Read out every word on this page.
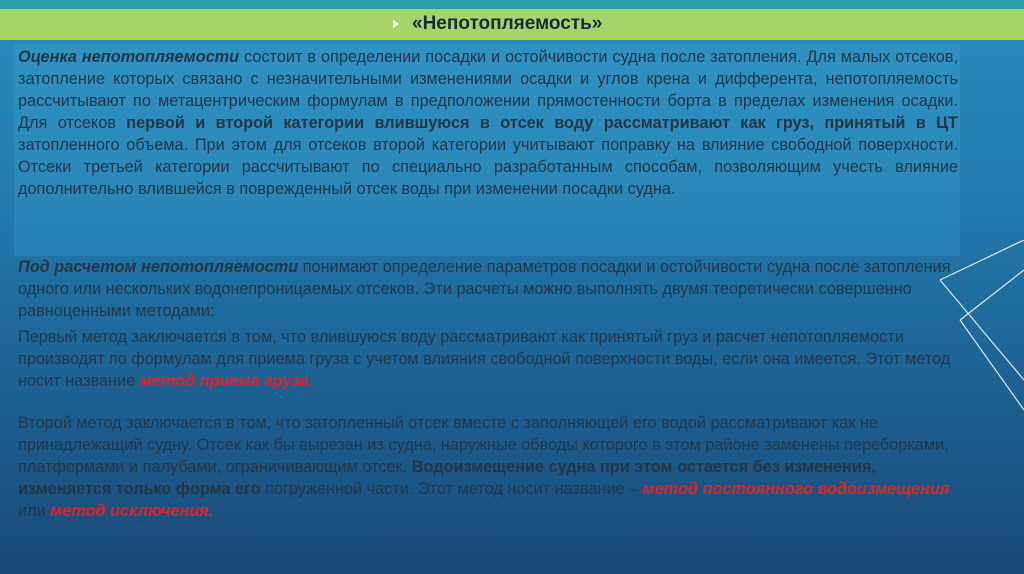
«Непотопляемость»

Оценка непотопляемости состоит в определении посадки и остойчивости судна после затопления. Для малых отсеков, затопление которых связано с незначительными изменениями осадки и углов крена и дифферента, непотопляемость рассчитывают по метацентрическим формулам в предположении прямостенности борта в пределах изменения осадки. Для отсеков первой и второй категории влившуюся в отсек воду рассматривают как груз, принятый в ЦТ затопленного объема. При этом для отсеков второй категории учитывают поправку на влияние свободной поверхности. Отсеки третьей категории рассчитывают по специально разработанным способам, позволяющим учесть влияние дополнительно влившейся в поврежденный отсек воды при изменении посадки судна.

Под расчетом непотопляемости понимают определение параметров посадки и остойчивости судна после затопления одного или нескольких водонепроницаемых отсеков. Эти расчеты можно выполнять двумя теоретически совершенно равноценными методами:

Первый метод заключается в том, что влившуюся воду рассматривают как принятый груз и расчет непотопляемости производят по формулам для приема груза с учетом влияния свободной поверхности воды, если она имеется. Этот метод носит название метод приема груза.

Второй метод заключается в том, что затопленный отсек вместе с заполняющей его водой рассматривают как не принадлежащий судну. Отсек как бы вырезан из судна, наружные обводы которого в этом районе заменены переборками, платформами и палубами, ограничивающим отсек. Водоизмещение судна при этом остается без изменения, изменяется только форма его погруженной части. Этот метод носит название – метод постоянного водоизмещения или метод исключения.
